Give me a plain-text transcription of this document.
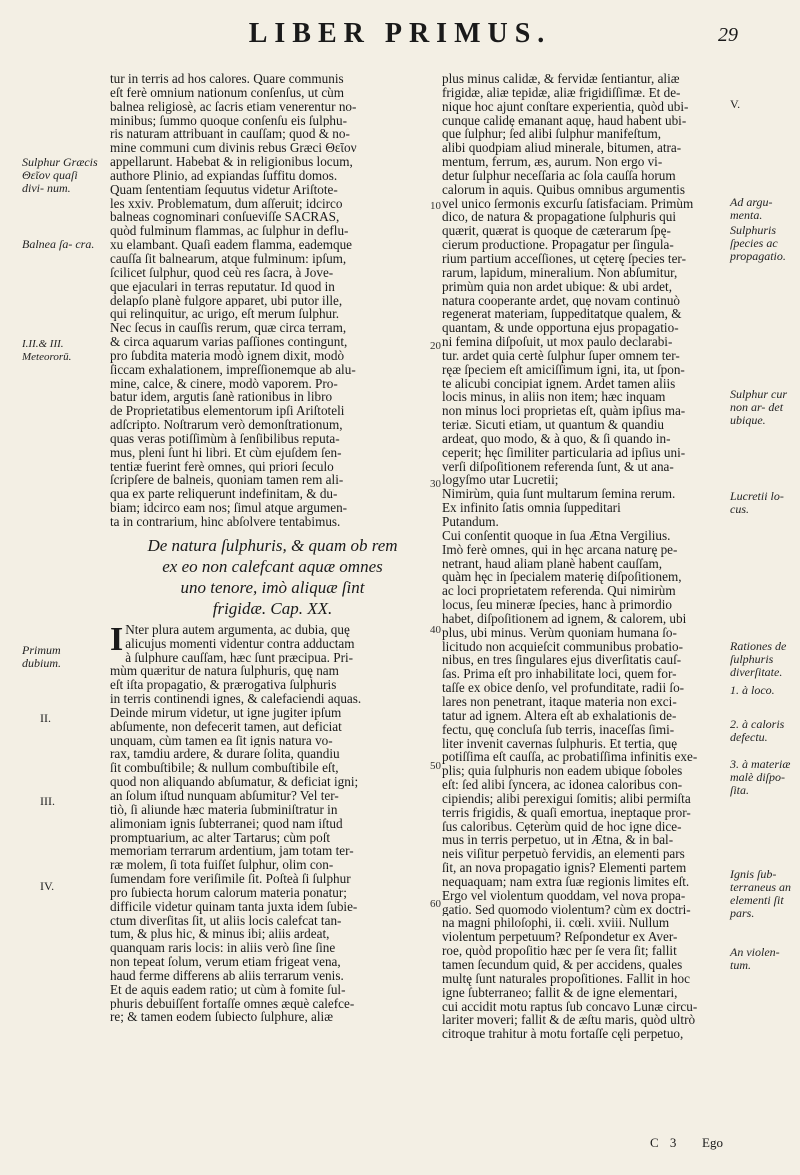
LIBER PRIMUS.	29

tur in terris ad hos calores. Quare communis

eſt ferè omnium nationum conſenſus, ut cùm

balnea religiosè, ac ſacris etiam venerentur no-

minibus; ſummo quoque conſenſu eis ſulphu-

ris naturam attribuant in cauſſam; quod & no-

mine communi cum divinis rebus Græci Θεῖον

appellarunt. Habebat & in religionibus locum,

authore Plinio, ad expiandas ſuffitu domos.

Quam ſententiam ſequutus videtur Ariſtote-

les xxiv. Problematum, dum aſſeruit; idcirco

balneas cognominari conſueviſſe SACRAS,

quòd fulminum flammas, ac ſulphur in deflu-

xu elambant. Quaſi eadem flamma, eademque

cauſſa ſit balnearum, atque fulminum: ipſum,

ſcilicet ſulphur, quod ceù res ſacra, à Jove-

que ejaculari in terras reputatur. Id quod in

delapſo planè fulgore apparet, ubi putor ille,

qui relinquitur, ac urigo, eſt merum ſulphur.

Nec ſecus in cauſſis rerum, quæ circa terram,

& circa aquarum varias paſſiones contingunt,

pro ſubdita materia modò ignem dixit, modò

ſiccam exhalationem, impreſſionemque ab alu-

mine, calce, & cinere, modò vaporem. Pro-

batur idem, argutis ſanè rationibus in libro

de Proprietatibus elementorum ipſi Ariſtoteli

adſcripto. Noſtrarum verò demonſtrationum,

quas veras potiſſimùm à ſenſibilibus reputa-

mus, pleni ſunt hi libri. Et cùm ejuſdem ſen-

tentiæ fuerint ferè omnes, qui priori ſeculo

ſcripſere de balneis, quoniam tamen rem ali-

qua ex parte reliquerunt indefinitam, & du-

biam; idcirco eam nos; ſimul atque argumen-

ta in contrarium, hinc abſolvere tentabimus.

De natura ſulphuris, & quam ob rem
ex eo non calefcant aquæ omnes
uno tenore, imò aliquæ ſint
frigidæ. Cap. XX.
I Nter plura autem argumenta, ac dubia, quę

alicujus momenti videntur contra adductam

à ſulphure cauſſam, hæc ſunt præcipua. Pri-

mùm quæritur de natura ſulphuris, quę nam

eſt iſta propagatio, & prærogativa ſulphuris

in terris continendi ignes, & calefaciendi aquas.

Deinde mirum videtur, ut igne jugiter ipſum

abſumente, non defecerit tamen, aut deficiat

unquam, cùm tamen ea ſit ignis natura vo-

rax, tamdiu ardere, & durare ſolita, quandiu

ſit combuſtibile; & nullum combuſtibile eſt,

quod non aliquando abſumatur, & deficiat igni;

an ſolum iſtud nunquam abſumitur? Vel ter-

tiò, ſi aliunde hæc materia ſubminiſtratur in

alimoniam ignis ſubterranei; quod nam iſtud

promptuarium, ac alter Tartarus; cùm poſt

memoriam terrarum ardentium, jam totam ter-

ræ molem, ſi tota fuiſſet ſulphur, olim con-

ſumendam fore veriſimile ſit. Poſteà ſi ſulphur

pro ſubiecta horum calorum materia ponatur;

difficile videtur quinam tanta juxta idem ſubie-

ctum diverſitas ſit, ut aliis locis calefcat tan-

tum, & plus hic, & minus ibi; aliis ardeat,

quanquam raris locis: in aliis verò ſine ſine

non tepeat ſolum, verum etiam frigeat vena,

haud ferme differens ab aliis terrarum venis.

Et de aquis eadem ratio; ut cùm à fomite ſul-

phuris debuiſſent fortaſſe omnes æquè calefce-

re; & tamen eodem ſubiecto ſulphure, aliæ

plus minus calidæ, & fervidæ ſentiantur, aliæ

frigidæ, aliæ tepidæ, aliæ frigidiſſimæ. Et de-

nique hoc ajunt conſtare experientia, quòd ubi-

cunque calidę emanant aquę, haud habent ubi-

que ſulphur; ſed alibi ſulphur manifeſtum,

alibi quodpiam aliud minerale, bitumen, atra-

mentum, ferrum, æs, aurum. Non ergo vi-

detur ſulphur neceſſaria ac ſola cauſſa horum

calorum in aquis. Quibus omnibus argumentis

vel unico ſermonis excurſu ſatisfaciam. Primùm

dico, de natura & propagatione ſulphuris qui

quærit, quærat is quoque de cæterarum ſpę-

cierum productione. Propagatur per ſingula-

rium partium acceſſiones, ut cęterę ſpecies ter-

rarum, lapidum, mineralium. Non abſumitur,

primùm quia non ardet ubique: & ubi ardet,

natura cooperante ardet, quę novam continuò

regenerat materiam, ſuppeditatque qualem, &

quantam, & unde opportuna ejus propagatio-

ni femina diſpoſuit, ut mox paulo declarabi-

tur. ardet quia certè ſulphur ſuper omnem ter-

ręæ ſpeciem eſt amiciſſimum igni, ita, ut ſpon-

te alicubi concipiat ignem. Ardet tamen aliis

locis minus, in aliis non item; hæc inquam

non minus loci proprietas eſt, quàm ipſius ma-

teriæ. Sicuti etiam, ut quantum & quandiu

ardeat, quo modo, & à quo, & ſi quando in-

ceperit; hęc ſimiliter particularia ad ipſius uni-

verſi diſpoſitionem referenda ſunt, & ut ana-

logyſmo utar Lucretii;

Nimirùm, quia ſunt multarum ſemina rerum.

Ex infinito ſatis omnia ſuppeditari

Putandum.

Cui conſentit quoque in ſua Ætna Vergilius.

Imò ferè omnes, qui in hęc arcana naturę pe-

netrant, haud aliam planè habent cauſſam,

quàm hęc in ſpecialem materię diſpoſitionem,

ac loci proprietatem referenda. Qui nimirùm

locus, ſeu mineræ ſpecies, hanc à primordio

habet, diſpoſitionem ad ignem, & calorem, ubi

plus, ubi minus. Verùm quoniam humana ſo-

licitudo non acquieſcit communibus probatio-

nibus, en tres ſingulares ejus diverſitatis cauſ-

ſas. Prima eſt pro inhabilitate loci, quem for-

taſſe ex obice denſo, vel profunditate, radii ſo-

lares non penetrant, itaque materia non exci-

tatur ad ignem. Altera eſt ab exhalationis de-

fectu, quę concluſa ſub terris, inaceſſas ſimi-

liter invenit cavernas ſulphuris. Et tertia, quę

potiſſima eſt cauſſa, ac probatiſſima infinitis exe-

plis; quia ſulphuris non eadem ubique ſoboles

eſt: ſed alibi ſyncera, ac idonea caloribus con-

cipiendis; alibi perexigui ſomitis; alibi permiſta

terris frigidis, & quaſi emortua, ineptaque pror-

ſus caloribus. Cęterùm quid de hoc igne dice-

mus in terris perpetuo, ut in Ætna, & in bal-

neis viſitur perpetuò fervidis, an elementi pars

ſit, an nova propagatio ignis? Elementi partem

nequaquam; nam extra ſuæ regionis limites eſt.

Ergo vel violentum quoddam, vel nova propa-

gatio. Sed quomodo violentum? cùm ex doctri-

na magni philoſophi, ii. cœli. xviii. Nullum

violentum perpetuum? Reſpondetur ex Aver-

roe, quòd propoſitio hæc per ſe vera ſit; fallit

tamen ſecundum quid, & per accidens, quales

multę ſunt naturales propoſitiones. Fallit in hoc

igne ſubterraneo; fallit & de igne elementari,

cui accidit motu raptus ſub concavo Lunæ circu-

lariter moveri; fallit & de æſtu maris, quòd ultrò

citroque trahitur à motu fortaſſe cęli perpetuo,

Sulphur Græcis Θεῖον quaſi divi- num.
Balnea ſa- cra.
I.II.& III. Meteororū.
Primum dubium.
II.
III.
IV.
V.
Ad argu- menta.
Sulphuris ſpecies ac propagatio.
Sulphur cur non ar- det ubique.
Lucretii lo- cus.
Rationes de ſulphuris diverſitate.
1. à loco.
2. à caloris defectu.
3. à materiæ malè diſpo- ſita.
Ignis ſub- terraneus an elementi ſit pars.
An violen- tum.
10
20
30
40
50
60
C 3 Ego
